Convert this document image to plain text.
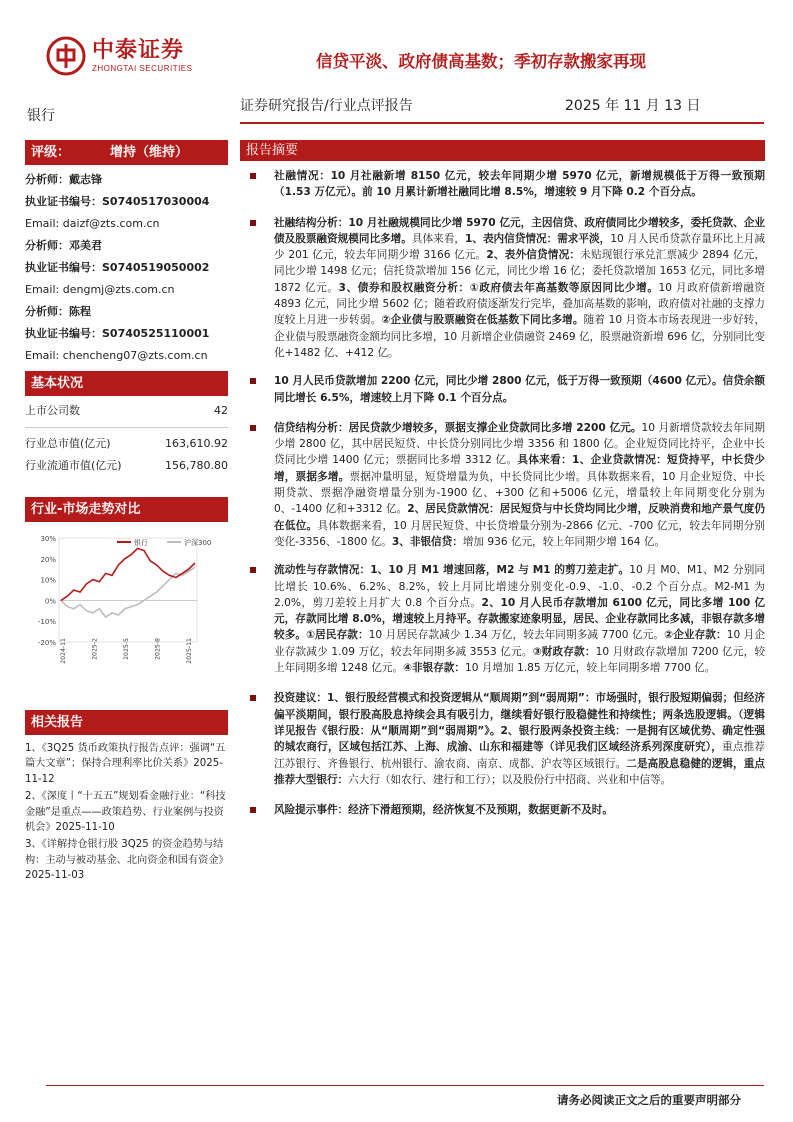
中泰证券
ZHONGTAI SECURITIES	信贷平淡、政府债高基数；季初存款搬家再现
银行
证券研究报告/行业点评报告	2025 年 11 月 13 日
评级：	增持（维持）
分析师：戴志锋
执业证书编号：S0740517030004
Email: daizf@zts.com.cn
分析师：邓美君
执业证书编号：S0740519050002
Email: dengmj@zts.com.cn
分析师：陈程
执业证书编号：S0740525110001
Email: chencheng07@zts.com.cn
基本状况
上市公司数	42
行业总市值(亿元)	163,610.92
行业流通市值(亿元)	156,780.80
行业-市场走势对比
30%
20%
10%
0%
-10%
-20% 2024-11	2025-2	2025-5	2025-8	2025-11
银行	沪深300
相关报告
1、《3Q25 货币政策执行报告点评：强调“五篇大文章”；保持合理利率比价关系》2025-11-12
2、《深度丨“十五五”规划看金融行业：“科技金融”是重点——政策趋势、行业案例与投资机会》2025-11-10
3、《详解持仓银行股 3Q25 的资金趋势与结构：主动与被动基金、北向资金和国有资金》2025-11-03
报告摘要
社融情况：10 月社融新增 8150 亿元，较去年同期少增 5970 亿元，新增规模低于万得一致预期（1.53 万亿元）。前 10 月累计新增社融同比增 8.5%，增速较 9 月下降 0.2 个百分点。
社融结构分析：10 月社融规模同比少增 5970 亿元，主因信贷、政府债同比少增较多，委托贷款、企业债及股票融资规模同比多增。具体来看，1、表内信贷情况：需求平淡，10 月人民币贷款存量环比上月减少 201 亿元，较去年同期少增 3166 亿元。2、表外信贷情况：未贴现银行承兑汇票减少 2894 亿元，同比少增 1498 亿元；信托贷款增加 156 亿元，同比少增 16 亿；委托贷款增加 1653 亿元，同比多增 1872 亿元。3、债券和股权融资分析：①政府债去年高基数等原因同比少增。10 月政府债新增融资 4893 亿元，同比少增 5602 亿；随着政府债逐渐发行完毕，叠加高基数的影响，政府债对社融的支撑力度较上月进一步转弱。②企业债与股票融资在低基数下同比多增。随着 10 月资本市场表现进一步好转，企业债与股票融资金额均同比多增，10 月新增企业债融资 2469 亿，股票融资新增 696 亿，分别同比变化+1482 亿、+412 亿。
10 月人民币贷款增加 2200 亿元，同比少增 2800 亿元，低于万得一致预期（4600 亿元）。信贷余额同比增长 6.5%，增速较上月下降 0.1 个百分点。
信贷结构分析：居民贷款少增较多，票据支撑企业贷款同比多增 2200 亿元。10 月新增贷款较去年同期少增 2800 亿，其中居民短贷、中长贷分别同比少增 3356 和 1800 亿。企业短贷同比持平，企业中长贷同比少增 1400 亿元；票据同比多增 3312 亿。具体来看：1、企业贷款情况：短贷持平，中长贷少增，票据多增。票据冲量明显，短贷增量为负，中长贷同比少增。具体数据来看，10 月企业短贷、中长期贷款、票据净融资增量分别为-1900 亿、+300 亿和+5006 亿元，增量较上年同期变化分别为 0、-1400 亿和+3312 亿。2、居民贷款情况：居民短贷与中长贷均同比少增，反映消费和地产景气度仍在低位。具体数据来看，10 月居民短贷、中长贷增量分别为-2866 亿元、-700 亿元，较去年同期分别变化-3356、-1800 亿。3、非银信贷：增加 936 亿元，较上年同期少增 164 亿。
流动性与存款情况：1、10 月 M1 增速回落，M2 与 M1 的剪刀差走扩。10 月 M0、M1、M2 分别同比增长 10.6%、6.2%、8.2%，较上月同比增速分别变化-0.9、-1.0、-0.2 个百分点。M2-M1 为 2.0%，剪刀差较上月扩大 0.8 个百分点。2、10 月人民币存款增加 6100 亿元，同比多增 100 亿元，存款同比增 8.0%，增速较上月持平。存款搬家迹象明显，居民、企业存款同比多减，非银存款多增较多。①居民存款：10 月居民存款减少 1.34 万亿，较去年同期多减 7700 亿元。②企业存款：10 月企业存款减少 1.09 万亿，较去年同期多减 3553 亿元。③财政存款：10 月财政存款增加 7200 亿元，较上年同期多增 1248 亿元。④非银存款：10 月增加 1.85 万亿元，较上年同期多增 7700 亿。
投资建议：1、银行股经营模式和投资逻辑从“顺周期”到“弱周期”：市场强时，银行股短期偏弱；但经济偏平淡期间，银行股高股息持续会具有吸引力，继续看好银行股稳健性和持续性；两条选股逻辑。（逻辑详见报告《银行股：从“顺周期”到“弱周期”》。2、银行股两条投资主线：一是拥有区域优势、确定性强的城农商行，区域包括江苏、上海、成渝、山东和福建等（详见我们区域经济系列深度研究），重点推荐江苏银行、齐鲁银行、杭州银行、渝农商、南京、成都、沪农等区域银行。二是高股息稳健的逻辑，重点推荐大型银行：六大行（如农行、建行和工行）；以及股份行中招商、兴业和中信等。
风险提示事件：经济下滑超预期，经济恢复不及预期，数据更新不及时。
请务必阅读正文之后的重要声明部分
